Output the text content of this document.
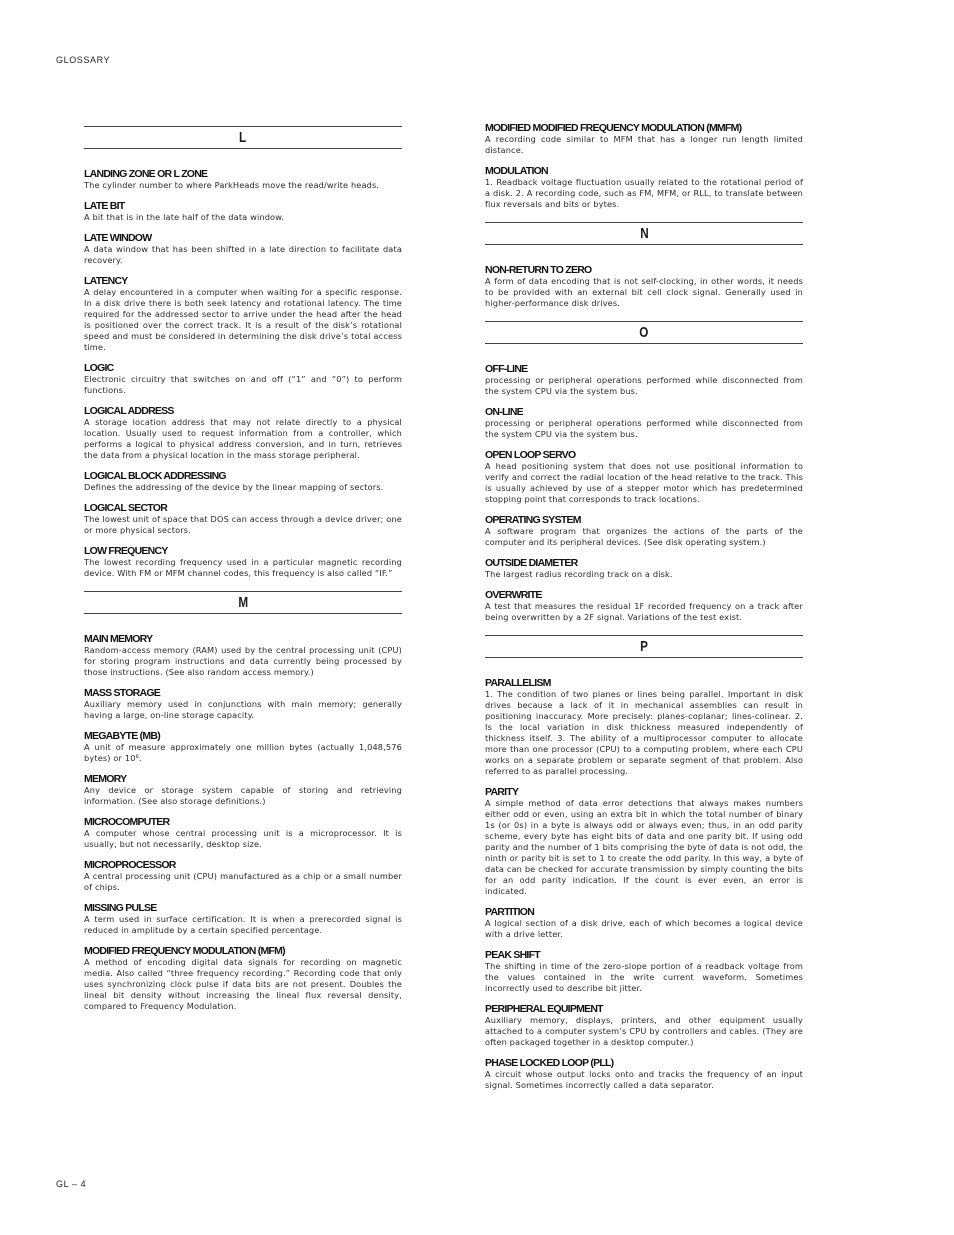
GLOSSARY
L
LANDING ZONE OR L ZONE
The cylinder number to where ParkHeads move the read/write heads.
LATE BIT
A bit that is in the late half of the data window.
LATE WINDOW
A data window that has been shifted in a late direction to facilitate data recovery.
LATENCY
A delay encountered in a computer when waiting for a specific response. In a disk drive there is both seek latency and rotational latency. The time required for the addressed sector to arrive under the head after the head is positioned over the correct track. It is a result of the disk’s rotational speed and must be considered in determining the disk drive’s total access time.
LOGIC
Electronic circuitry that switches on and off (“1” and “0”) to perform functions.
LOGICAL ADDRESS
A storage location address that may not relate directly to a physical location. Usually used to request information from a controller, which performs a logical to physical address conversion, and in turn, retrieves the data from a physical location in the mass storage peripheral.
LOGICAL BLOCK ADDRESSING
Defines the addressing of the device by the linear mapping of sectors.
LOGICAL SECTOR
The lowest unit of space that DOS can access through a device driver; one or more physical sectors.
LOW FREQUENCY
The lowest recording frequency used in a particular magnetic recording device. With FM or MFM channel codes, this frequency is also called “IF.”
M
MAIN MEMORY
Random-access memory (RAM) used by the central processing unit (CPU) for storing program instructions and data currently being processed by those instructions. (See also random access memory.)
MASS STORAGE
Auxiliary memory used in conjunctions with main memory; generally having a large, on-line storage capacity.
MEGABYTE (MB)
A unit of measure approximately one million bytes (actually 1,048,576 bytes) or 10⁶.
MEMORY
Any device or storage system capable of storing and retrieving information. (See also storage definitions.)
MICROCOMPUTER
A computer whose central processing unit is a microprocessor. It is usually, but not necessarily, desktop size.
MICROPROCESSOR
A central processing unit (CPU) manufactured as a chip or a small number of chips.
MISSING PULSE
A term used in surface certification. It is when a prerecorded signal is reduced in amplitude by a certain specified percentage.
MODIFIED FREQUENCY MODULATION (MFM)
A method of encoding digital data signals for recording on magnetic media. Also called “three frequency recording.” Recording code that only uses synchronizing clock pulse if data bits are not present. Doubles the lineal bit density without increasing the lineal flux reversal density, compared to Frequency Modulation.
MODIFIED MODIFIED FREQUENCY MODULATION (MMFM)
A recording code similar to MFM that has a longer run length limited distance.
MODULATION
1. Readback voltage fluctuation usually related to the rotational period of a disk. 2. A recording code, such as FM, MFM, or RLL, to translate between flux reversals and bits or bytes.
N
NON-RETURN TO ZERO
A form of data encoding that is not self-clocking, in other words, it needs to be provided with an external bit cell clock signal. Generally used in higher-performance disk drives.
O
OFF-LINE
processing or peripheral operations performed while disconnected from the system CPU via the system bus.
ON-LINE
processing or peripheral operations performed while disconnected from the system CPU via the system bus.
OPEN LOOP SERVO
A head positioning system that does not use positional information to verify and correct the radial location of the head relative to the track. This is usually achieved by use of a stepper motor which has predetermined stopping point that corresponds to track locations.
OPERATING SYSTEM
A software program that organizes the actions of the parts of the computer and its peripheral devices. (See disk operating system.)
OUTSIDE DIAMETER
The largest radius recording track on a disk.
OVERWRITE
A test that measures the residual 1F recorded frequency on a track after being overwritten by a 2F signal. Variations of the test exist.
P
PARALLELISM
1. The condition of two planes or lines being parallel. Important in disk drives because a lack of it in mechanical assemblies can result in positioning inaccuracy. More precisely: planes-coplanar; lines-colinear. 2. Is the local variation in disk thickness measured independently of thickness itself. 3. The ability of a multiprocessor computer to allocate more than one processor (CPU) to a computing problem, where each CPU works on a separate problem or separate segment of that problem. Also referred to as parallel processing.
PARITY
A simple method of data error detections that always makes numbers either odd or even, using an extra bit in which the total number of binary 1s (or 0s) in a byte is always odd or always even; thus, in an odd parity scheme, every byte has eight bits of data and one parity bit. If using odd parity and the number of 1 bits comprising the byte of data is not odd, the ninth or parity bit is set to 1 to create the odd parity. In this way, a byte of data can be checked for accurate transmission by simply counting the bits for an odd parity indication. If the count is ever even, an error is indicated.
PARTITION
A logical section of a disk drive, each of which becomes a logical device with a drive letter.
PEAK SHIFT
The shifting in time of the zero-slope portion of a readback voltage from the values contained in the write current waveform. Sometimes incorrectly used to describe bit jitter.
PERIPHERAL EQUIPMENT
Auxiliary memory, displays, printers, and other equipment usually attached to a computer system’s CPU by controllers and cables. (They are often packaged together in a desktop computer.)
PHASE LOCKED LOOP (PLL)
A circuit whose output locks onto and tracks the frequency of an input signal. Sometimes incorrectly called a data separator.
GL – 4
